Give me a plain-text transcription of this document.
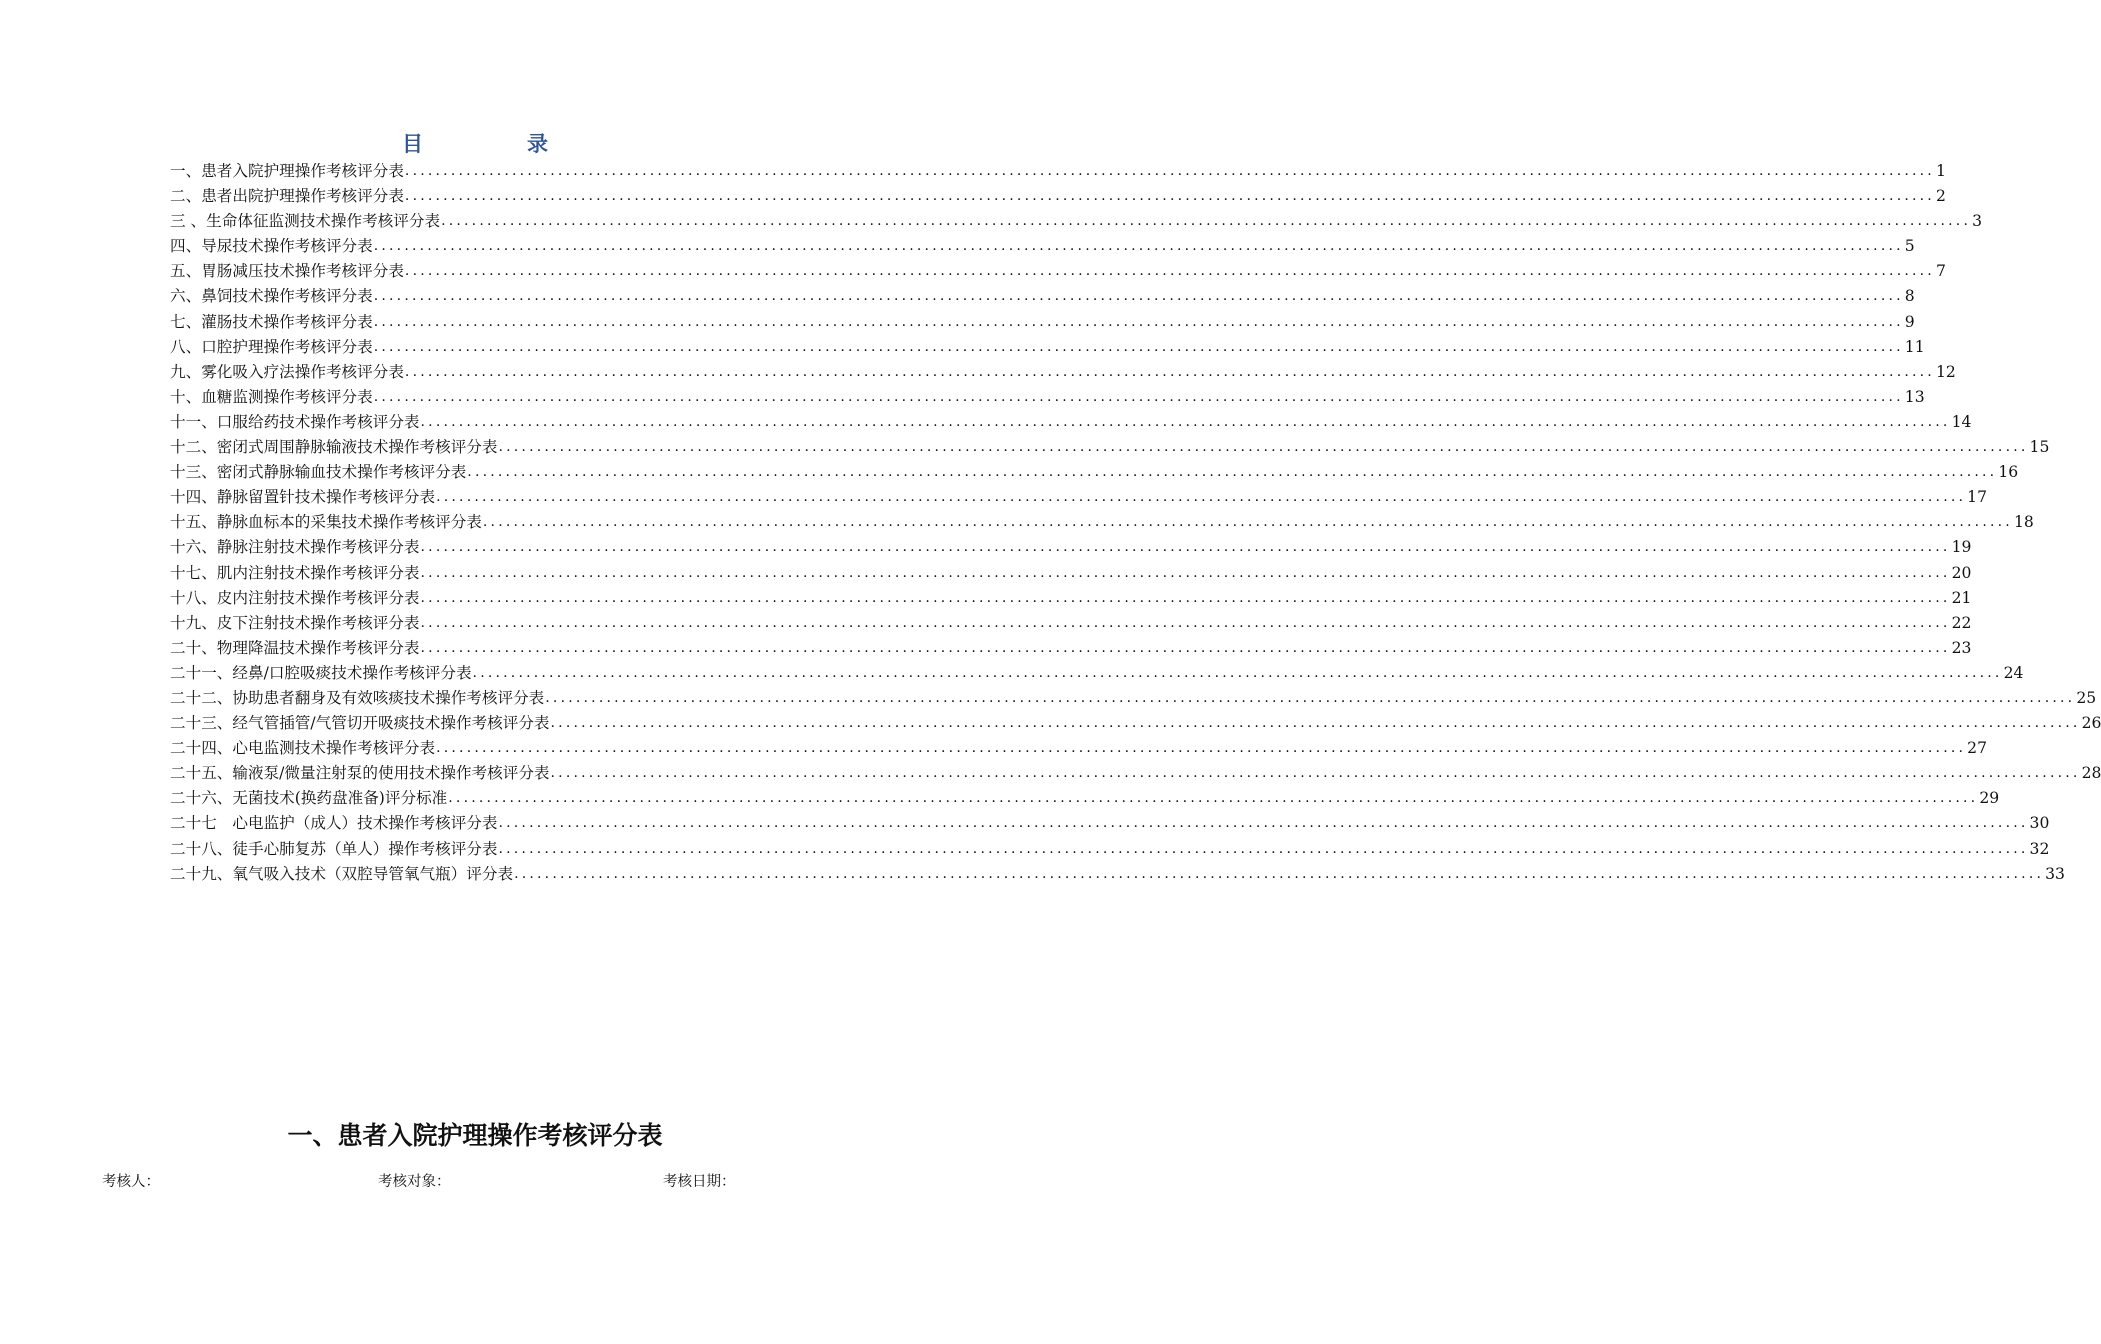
目	录
一、患者入院护理操作考核评分表 ........................................................................................................................................................................................................ 1
二、患者出院护理操作考核评分表 ........................................................................................................................................................................................................ 2
三 、生命体征监测技术操作考核评分表 ........................................................................................................................................................................................................ 3
四、导尿技术操作考核评分表 ........................................................................................................................................................................................................ 5
五、胃肠减压技术操作考核评分表 ........................................................................................................................................................................................................ 7
六、鼻饲技术操作考核评分表 ........................................................................................................................................................................................................ 8
七、灌肠技术操作考核评分表 ........................................................................................................................................................................................................ 9
八、口腔护理操作考核评分表 ........................................................................................................................................................................................................ 11
九、雾化吸入疗法操作考核评分表 ........................................................................................................................................................................................................ 12
十、血糖监测操作考核评分表 ........................................................................................................................................................................................................ 13
十一、口服给药技术操作考核评分表 ........................................................................................................................................................................................................ 14
十二、密闭式周围静脉输液技术操作考核评分表 ........................................................................................................................................................................................................ 15
十三、密闭式静脉输血技术操作考核评分表 ........................................................................................................................................................................................................ 16
十四、静脉留置针技术操作考核评分表 ........................................................................................................................................................................................................ 17
十五、静脉血标本的采集技术操作考核评分表 ........................................................................................................................................................................................................ 18
十六、静脉注射技术操作考核评分表 ........................................................................................................................................................................................................ 19
十七、肌内注射技术操作考核评分表 ........................................................................................................................................................................................................ 20
十八、皮内注射技术操作考核评分表 ........................................................................................................................................................................................................ 21
十九、皮下注射技术操作考核评分表 ........................................................................................................................................................................................................ 22
二十、物理降温技术操作考核评分表 ........................................................................................................................................................................................................ 23
二十一、经鼻/口腔吸痰技术操作考核评分表 ........................................................................................................................................................................................................ 24
二十二、协助患者翻身及有效咳痰技术操作考核评分表 ........................................................................................................................................................................................................ 25
二十三、经气管插管/气管切开吸痰技术操作考核评分表 ........................................................................................................................................................................................................ 26
二十四、心电监测技术操作考核评分表 ........................................................................................................................................................................................................ 27
二十五、输液泵/微量注射泵的使用技术操作考核评分表 ........................................................................................................................................................................................................ 28
二十六、无菌技术(换药盘准备)评分标准 ........................................................................................................................................................................................................ 29
二十七　心电监护（成人）技术操作考核评分表 ........................................................................................................................................................................................................ 30
二十八、徒手心肺复苏（单人）操作考核评分表 ........................................................................................................................................................................................................ 32
二十九、氧气吸入技术（双腔导管氧气瓶）评分表 ........................................................................................................................................................................................................ 33
一、患者入院护理操作考核评分表
考核人：	考核对象：	考核日期：
